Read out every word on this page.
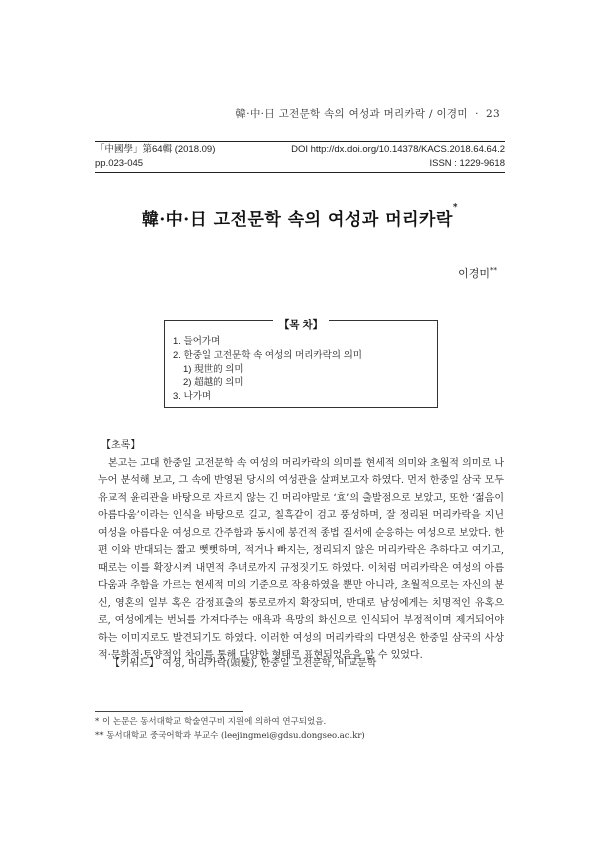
韓·中·日 고전문학 속의 여성과 머리카락 / 이경미 · 23
「中國學」第64輯 (2018.09)	DOI http://dx.doi.org/10.14378/KACS.2018.64.64.2
pp.023-045	ISSN : 1229-9618
韓·中·日 고전문학 속의 여성과 머리카락*
이경미**
【목 차】
1. 들어가며
2. 한중일 고전문학 속 여성의 머리카락의 의미
1) 現世的 의미
2) 超越的 의미
3. 나가며
【초록】

본고는 고대 한중일 고전문학 속 여성의 머리카락의 의미를 현세적 의미와 초월적 의미로 나누어 분석해 보고, 그 속에 반영된 당시의 여성관을 살펴보고자 하였다. 먼저 한중일 삼국 모두 유교적 윤리관을 바탕으로 자르지 않는 긴 머리야말로 ‘효’의 출발점으로 보았고, 또한 ‘젊음이 아름다움’이라는 인식을 바탕으로 길고, 칠흑같이 검고 풍성하며, 잘 정리된 머리카락을 지닌 여성을 아름다운 여성으로 간주함과 동시에 봉건적 종법 질서에 순응하는 여성으로 보았다. 한편 이와 반대되는 짧고 뻣뻣하며, 적거나 빠지는, 정리되지 않은 머리카락은 추하다고 여기고, 때로는 이를 확장시켜 내면적 추녀로까지 규정짓기도 하였다. 이처럼 머리카락은 여성의 아름다움과 추함을 가르는 현세적 미의 기준으로 작용하였을 뿐만 아니라, 초월적으로는 자신의 분신, 영혼의 일부 혹은 감정표출의 통로로까지 확장되며, 반대로 남성에게는 치명적인 유혹으로, 여성에게는 번뇌를 가져다주는 애욕과 욕망의 화신으로 인식되어 부정적이며 제거되어야 하는 이미지로도 발견되기도 하였다. 이러한 여성의 머리카락의 다면성은 한중일 삼국의 사상적·문화적·토양적인 차이를 통해 다양한 형태로 표현되었음을 알 수 있었다.

【키워드】 여성, 머리카락(頭髮), 한중일 고전문학, 비교문학
* 이 논문은 동서대학교 학술연구비 지원에 의하여 연구되었음.
** 동서대학교 중국어학과 부교수 (leejingmei@gdsu.dongseo.ac.kr)
